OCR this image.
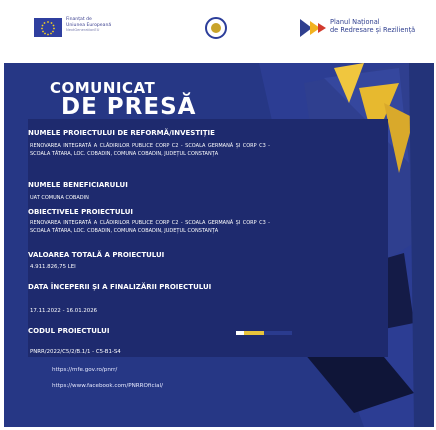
Finanțat de
Uniunea Europeană
NextGenerationEU
Planul Național
de Redresare și Reziliență
COMUNICAT
DE PRESĂ
NUMELE PROIECTULUI DE REFORMĂ/INVESTIȚIE
RENOVAREA INTEGRATĂ A CLĂDIRILOR PUBLICE CORP C2 - SCOALA GERMANĂ ȘI CORP C3 - SCOALA TĂTARA, LOC. COBADIN, COMUNA COBADIN, JUDEȚUL CONSTANȚA
NUMELE BENEFICIARULUI
UAT COMUNA COBADIN
OBIECTIVELE PROIECTULUI
RENOVAREA INTEGRATĂ A CLĂDIRILOR PUBLICE CORP C2 - SCOALA GERMANĂ ȘI CORP C3 - SCOALA TĂTARA, LOC. COBADIN, COMUNA COBADIN, JUDEȚUL CONSTANȚA
VALOAREA TOTALĂ A PROIECTULUI
4.911.826,75 LEI
DATA ÎNCEPERII ȘI A FINALIZĂRII PROIECTULUI
17.11.2022 - 16.01.2026
CODUL PROIECTULUI
PNRR/2022/C5/2/B.1/1 - C5-B1-S4
https://mfe.gov.ro/pnrr/
https://www.facebook.com/PNRROficial/
